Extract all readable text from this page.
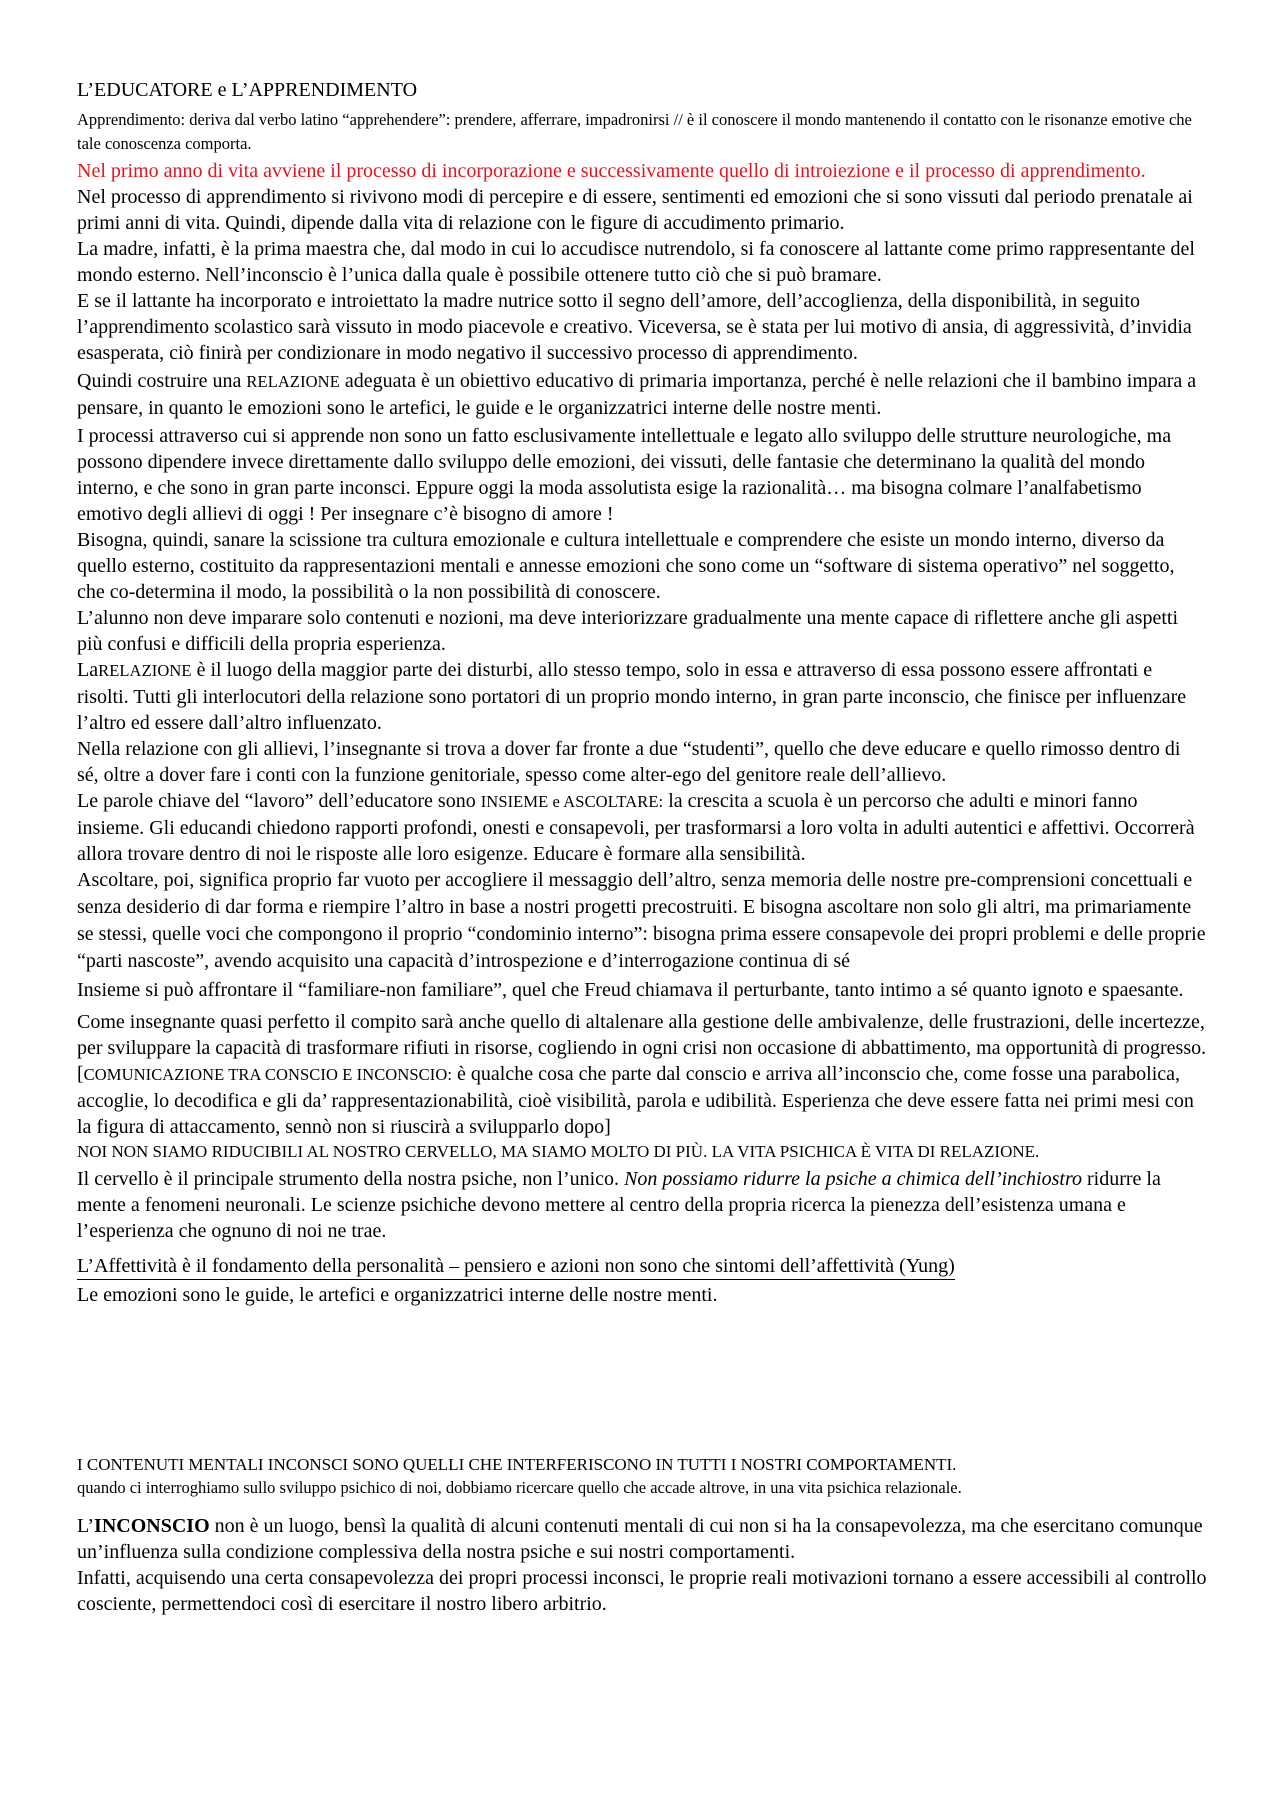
L’EDUCATORE e L’APPRENDIMENTO

Apprendimento: deriva dal verbo latino “apprehendere”: prendere, afferrare, impadronirsi // è il conoscere il mondo mantenendo il contatto con le risonanze emotive che tale conoscenza comporta.

Nel primo anno di vita avviene il processo di incorporazione e successivamente quello di introiezione e il processo di apprendimento.

Nel processo di apprendimento si rivivono modi di percepire e di essere, sentimenti ed emozioni che si sono vissuti dal periodo prenatale ai primi anni di vita. Quindi, dipende dalla vita di relazione con le figure di accudimento primario.

La madre, infatti, è la prima maestra che, dal modo in cui lo accudisce nutrendolo, si fa conoscere al lattante come primo rappresentante del mondo esterno. Nell’inconscio è l’unica dalla quale è possibile ottenere tutto ciò che si può bramare.

E se il lattante ha incorporato e introiettato la madre nutrice sotto il segno dell’amore, dell’accoglienza, della disponibilità, in seguito l’apprendimento scolastico sarà vissuto in modo piacevole e creativo. Viceversa, se è stata per lui motivo di ansia, di aggressività, d’invidia esasperata, ciò finirà per condizionare in modo negativo il successivo processo di apprendimento.

Quindi costruire una RELAZIONE adeguata è un obiettivo educativo di primaria importanza, perché è nelle relazioni che il bambino impara a pensare, in quanto le emozioni sono le artefici, le guide e le organizzatrici interne delle nostre menti.

I processi attraverso cui si apprende non sono un fatto esclusivamente intellettuale e legato allo sviluppo delle strutture neurologiche, ma possono dipendere invece direttamente dallo sviluppo delle emozioni, dei vissuti, delle fantasie che determinano la qualità del mondo interno, e che sono in gran parte inconsci. Eppure oggi la moda assolutista esige la razionalità… ma bisogna colmare l’analfabetismo emotivo degli allievi di oggi ! Per insegnare c’è bisogno di amore !

Bisogna, quindi, sanare la scissione tra cultura emozionale e cultura intellettuale e comprendere che esiste un mondo interno, diverso da quello esterno, costituito da rappresentazioni mentali e annesse emozioni che sono come un “software di sistema operativo” nel soggetto, che co-determina il modo, la possibilità o la non possibilità di conoscere.

L’alunno non deve imparare solo contenuti e nozioni, ma deve interiorizzare gradualmente una mente capace di riflettere anche gli aspetti più confusi e difficili della propria esperienza.

LaRELAZIONE è il luogo della maggior parte dei disturbi, allo stesso tempo, solo in essa e attraverso di essa possono essere affrontati e risolti. Tutti gli interlocutori della relazione sono portatori di un proprio mondo interno, in gran parte inconscio, che finisce per influenzare l’altro ed essere dall’altro influenzato.

Nella relazione con gli allievi, l’insegnante si trova a dover far fronte a due “studenti”, quello che deve educare e quello rimosso dentro di sé, oltre a dover fare i conti con la funzione genitoriale, spesso come alter-ego del genitore reale dell’allievo.

Le parole chiave del “lavoro” dell’educatore sono INSIEME e ASCOLTARE: la crescita a scuola è un percorso che adulti e minori fanno insieme. Gli educandi chiedono rapporti profondi, onesti e consapevoli, per trasformarsi a loro volta in adulti autentici e affettivi. Occorrerà allora trovare dentro di noi le risposte alle loro esigenze. Educare è formare alla sensibilità.

Ascoltare, poi, significa proprio far vuoto per accogliere il messaggio dell’altro, senza memoria delle nostre pre-comprensioni concettuali e senza desiderio di dar forma e riempire l’altro in base a nostri progetti precostruiti. E bisogna ascoltare non solo gli altri, ma primariamente se stessi, quelle voci che compongono il proprio “condominio interno”: bisogna prima essere consapevole dei propri problemi e delle proprie “parti nascoste”, avendo acquisito una capacità d’introspezione e d’interrogazione continua di sé

Insieme si può affrontare il “familiare-non familiare”, quel che Freud chiamava il perturbante, tanto intimo a sé quanto ignoto e spaesante.

Come insegnante quasi perfetto il compito sarà anche quello di altalenare alla gestione delle ambivalenze, delle frustrazioni, delle incertezze, per sviluppare la capacità di trasformare rifiuti in risorse, cogliendo in ogni crisi non occasione di abbattimento, ma opportunità di progresso.

[COMUNICAZIONE TRA CONSCIO E INCONSCIO: è qualche cosa che parte dal conscio e arriva all’inconscio che, come fosse una parabolica, accoglie, lo decodifica e gli da’ rappresentazionabilità, cioè visibilità, parola e udibilità. Esperienza che deve essere fatta nei primi mesi con la figura di attaccamento, sennò non si riuscirà a svilupparlo dopo]

NOI NON SIAMO RIDUCIBILI AL NOSTRO CERVELLO, MA SIAMO MOLTO DI PIÙ. LA VITA PSICHICA È VITA DI RELAZIONE.

Il cervello è il principale strumento della nostra psiche, non l’unico. Non possiamo ridurre la psiche a chimica dell’inchiostro ridurre la mente a fenomeni neuronali. Le scienze psichiche devono mettere al centro della propria ricerca la pienezza dell’esistenza umana e l’esperienza che ognuno di noi ne trae.

L’Affettività è il fondamento della personalità – pensiero e azioni non sono che sintomi dell’affettività (Yung)

Le emozioni sono le guide, le artefici e organizzatrici interne delle nostre menti.

I CONTENUTI MENTALI INCONSCI SONO QUELLI CHE INTERFERISCONO IN TUTTI I NOSTRI COMPORTAMENTI.

quando ci interroghiamo sullo sviluppo psichico di noi, dobbiamo ricercare quello che accade altrove, in una vita psichica relazionale.

L’INCONSCIO non è un luogo, bensì la qualità di alcuni contenuti mentali di cui non si ha la consapevolezza, ma che esercitano comunque un’influenza sulla condizione complessiva della nostra psiche e sui nostri comportamenti.

Infatti, acquisendo una certa consapevolezza dei propri processi inconsci, le proprie reali motivazioni tornano a essere accessibili al controllo cosciente, permettendoci così di esercitare il nostro libero arbitrio.
